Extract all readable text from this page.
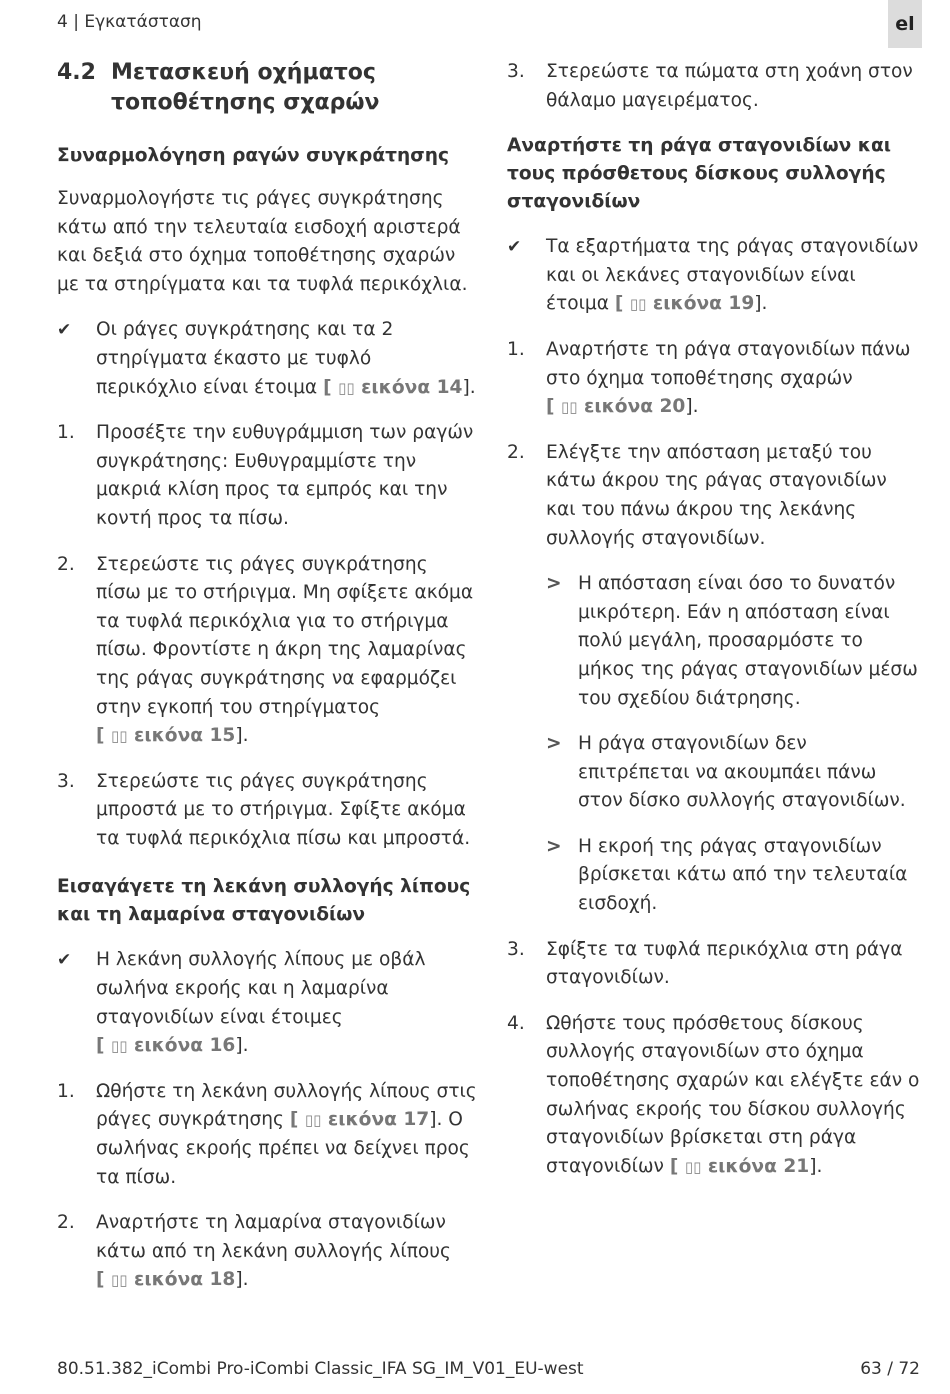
4 | Εγκατάσταση	el
4.2 Μετασκευή οχήματος
τοποθέτησης σχαρών
Συναρμολόγηση ραγών συγκράτησης

Συναρμολογήστε τις ράγες συγκράτησης κάτω από την τελευταία εισδοχή αριστερά και δεξιά στο όχημα τοποθέτησης σχαρών με τα στηρίγματα και τα τυφλά περικόχλια.

✔	Οι ράγες συγκράτησης και τα 2 στηρίγματα έκαστο με τυφλό περικόχλιο είναι έτοιμα [ ▯▯ εικόνα 14].
1.	Προσέξτε την ευθυγράμμιση των ραγών συγκράτησης: Ευθυγραμμίστε την μακριά κλίση προς τα εμπρός και την κοντή προς τα πίσω.
2.	Στερεώστε τις ράγες συγκράτησης πίσω με το στήριγμα. Μη σφίξετε ακόμα τα τυφλά περικόχλια για το στήριγμα πίσω. Φροντίστε η άκρη της λαμαρίνας της ράγας συγκράτησης να εφαρμόζει στην εγκοπή του στηρίγματος [ ▯▯ εικόνα 15].
3.	Στερεώστε τις ράγες συγκράτησης μπροστά με το στήριγμα. Σφίξτε ακόμα τα τυφλά περικόχλια πίσω και μπροστά.
Εισαγάγετε τη λεκάνη συλλογής λίπους και τη λαμαρίνα σταγονιδίων
✔	Η λεκάνη συλλογής λίπους με οβάλ σωλήνα εκροής και η λαμαρίνα σταγονιδίων είναι έτοιμες [ ▯▯ εικόνα 16].
1.	Ωθήστε τη λεκάνη συλλογής λίπους στις ράγες συγκράτησης [ ▯▯ εικόνα 17]. Ο σωλήνας εκροής πρέπει να δείχνει προς τα πίσω.
2.	Αναρτήστε τη λαμαρίνα σταγονιδίων κάτω από τη λεκάνη συλλογής λίπους [ ▯▯ εικόνα 18].
3.	Στερεώστε τα πώματα στη χοάνη στον θάλαμο μαγειρέματος.
Αναρτήστε τη ράγα σταγονιδίων και τους πρόσθετους δίσκους συλλογής σταγονιδίων
✔	Τα εξαρτήματα της ράγας σταγονιδίων και οι λεκάνες σταγονιδίων είναι έτοιμα [ ▯▯ εικόνα 19].
1.	Αναρτήστε τη ράγα σταγονιδίων πάνω στο όχημα τοποθέτησης σχαρών [ ▯▯ εικόνα 20].
2.	Ελέγξτε την απόσταση μεταξύ του κάτω άκρου της ράγας σταγονιδίων και του πάνω άκρου της λεκάνης συλλογής σταγονιδίων.
> Η απόσταση είναι όσο το δυνατόν μικρότερη. Εάν η απόσταση είναι πολύ μεγάλη, προσαρμόστε το μήκος της ράγας σταγονιδίων μέσω του σχεδίου διάτρησης.
> Η ράγα σταγονιδίων δεν επιτρέπεται να ακουμπάει πάνω στον δίσκο συλλογής σταγονιδίων.
> Η εκροή της ράγας σταγονιδίων βρίσκεται κάτω από την τελευταία εισδοχή.
3.	Σφίξτε τα τυφλά περικόχλια στη ράγα σταγονιδίων.
4.	Ωθήστε τους πρόσθετους δίσκους συλλογής σταγονιδίων στο όχημα τοποθέτησης σχαρών και ελέγξτε εάν ο σωλήνας εκροής του δίσκου συλλογής σταγονιδίων βρίσκεται στη ράγα σταγονιδίων [ ▯▯ εικόνα 21].
80.51.382_iCombi Pro-iCombi Classic_IFA SG_IM_V01_EU-west	63 / 72
